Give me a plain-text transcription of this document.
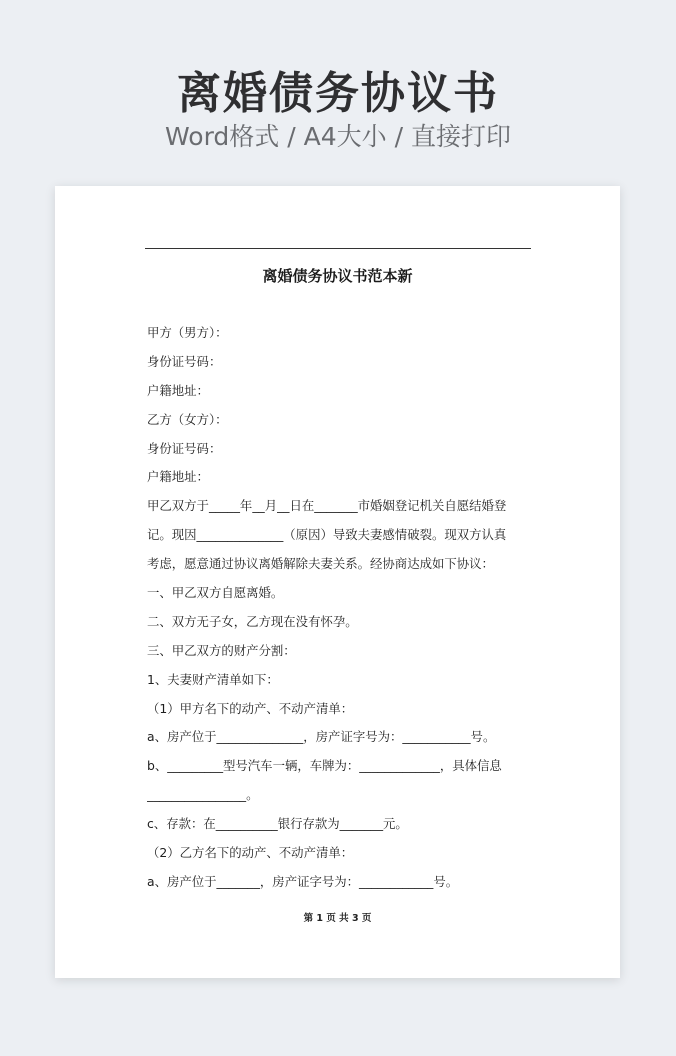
离婚债务协议书
Word格式 / A4大小 / 直接打印
离婚债务协议书范本新
甲方（男方）：
身份证号码：
户籍地址：
乙方（女方）：
身份证号码：
户籍地址：
甲乙双方于_____年__月__日在_______市婚姻登记机关自愿结婚登
记。现因______________（原因）导致夫妻感情破裂。现双方认真
考虑，愿意通过协议离婚解除夫妻关系。经协商达成如下协议：
一、甲乙双方自愿离婚。
二、双方无子女，乙方现在没有怀孕。
三、甲乙双方的财产分割：
1、夫妻财产清单如下：
（1）甲方名下的动产、不动产清单：
a、房产位于______________，房产证字号为：___________号。
b、_________型号汽车一辆，车牌为：_____________，具体信息
________________。
c、存款：在__________银行存款为_______元。
（2）乙方名下的动产、不动产清单：
a、房产位于_______，房产证字号为：____________号。
第 1 页 共 3 页
